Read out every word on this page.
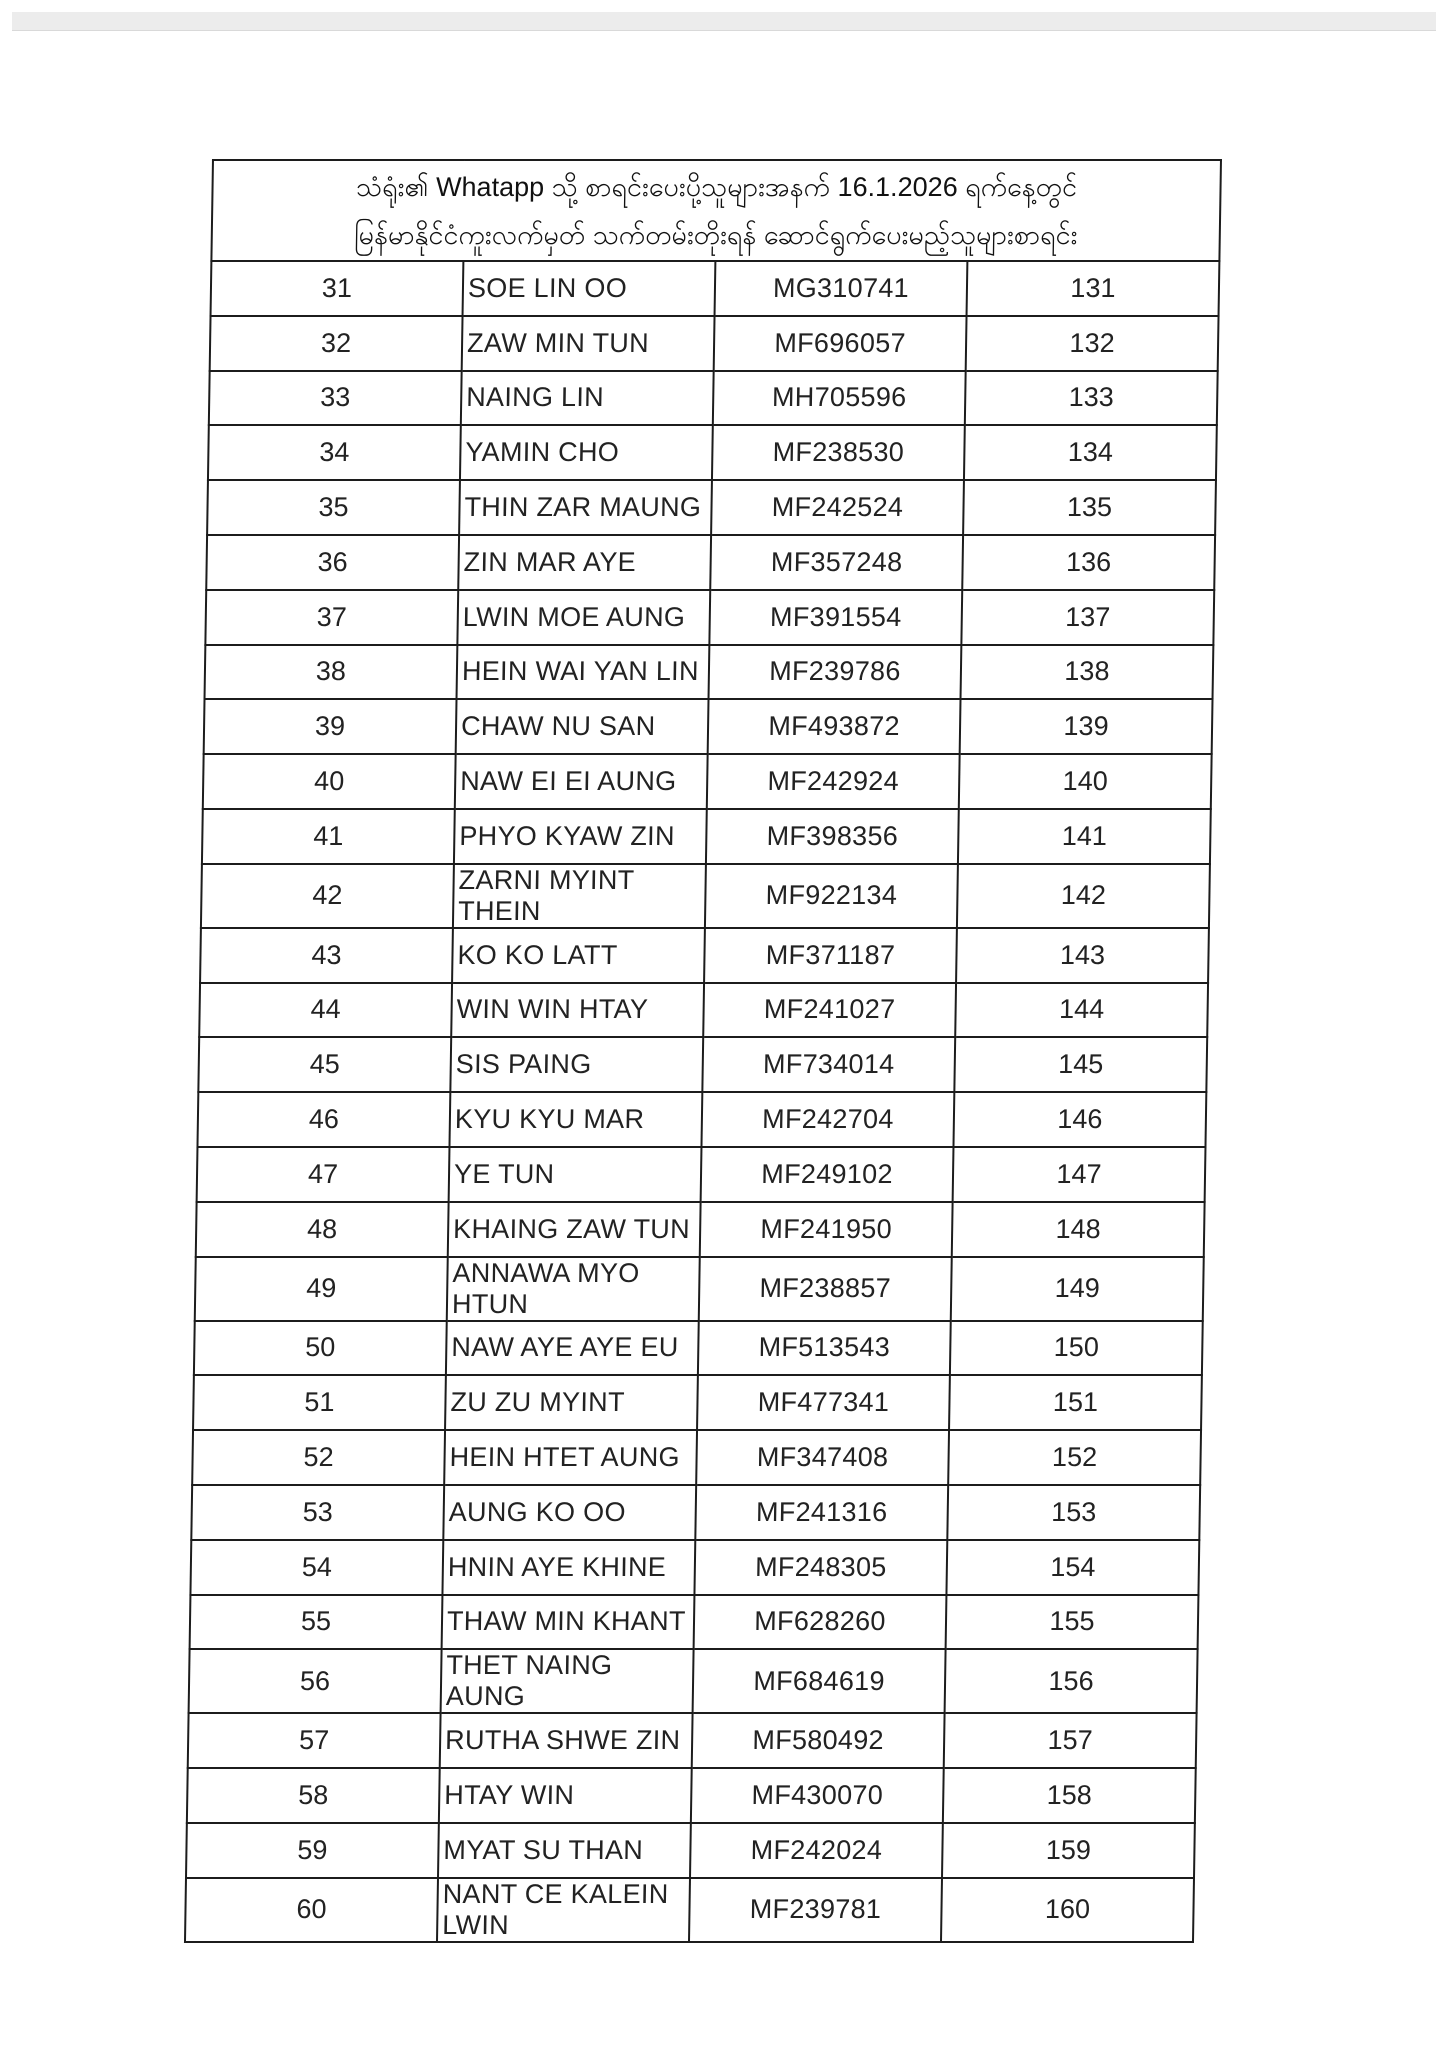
သံရုံး၏ Whatapp သို့ စာရင်းပေးပို့သူများအနက် 16.1.2026 ရက်နေ့တွင်
မြန်မာနိုင်ငံကူးလက်မှတ် သက်တမ်းတိုးရန် ဆောင်ရွက်ပေးမည့်သူများစာရင်း			

31	SOE LIN OO	MG310741	131
32	ZAW MIN TUN	MF696057	132
33	NAING LIN	MH705596	133
34	YAMIN CHO	MF238530	134
35	THIN ZAR MAUNG	MF242524	135
36	ZIN MAR AYE	MF357248	136
37	LWIN MOE AUNG	MF391554	137
38	HEIN WAI YAN LIN	MF239786	138
39	CHAW NU SAN	MF493872	139
40	NAW EI EI AUNG	MF242924	140
41	PHYO KYAW ZIN	MF398356	141
42	ZARNI MYINT THEIN	MF922134	142
43	KO KO LATT	MF371187	143
44	WIN WIN HTAY	MF241027	144
45	SIS PAING	MF734014	145
46	KYU KYU MAR	MF242704	146
47	YE TUN	MF249102	147
48	KHAING ZAW TUN	MF241950	148
49	ANNAWA MYO HTUN	MF238857	149
50	NAW AYE AYE EU	MF513543	150
51	ZU ZU MYINT	MF477341	151
52	HEIN HTET AUNG	MF347408	152
53	AUNG KO OO	MF241316	153
54	HNIN AYE KHINE	MF248305	154
55	THAW MIN KHANT	MF628260	155
56	THET NAING AUNG	MF684619	156
57	RUTHA SHWE ZIN	MF580492	157
58	HTAY WIN	MF430070	158
59	MYAT SU THAN	MF242024	159
60	NANT CE KALEIN LWIN	MF239781	160
